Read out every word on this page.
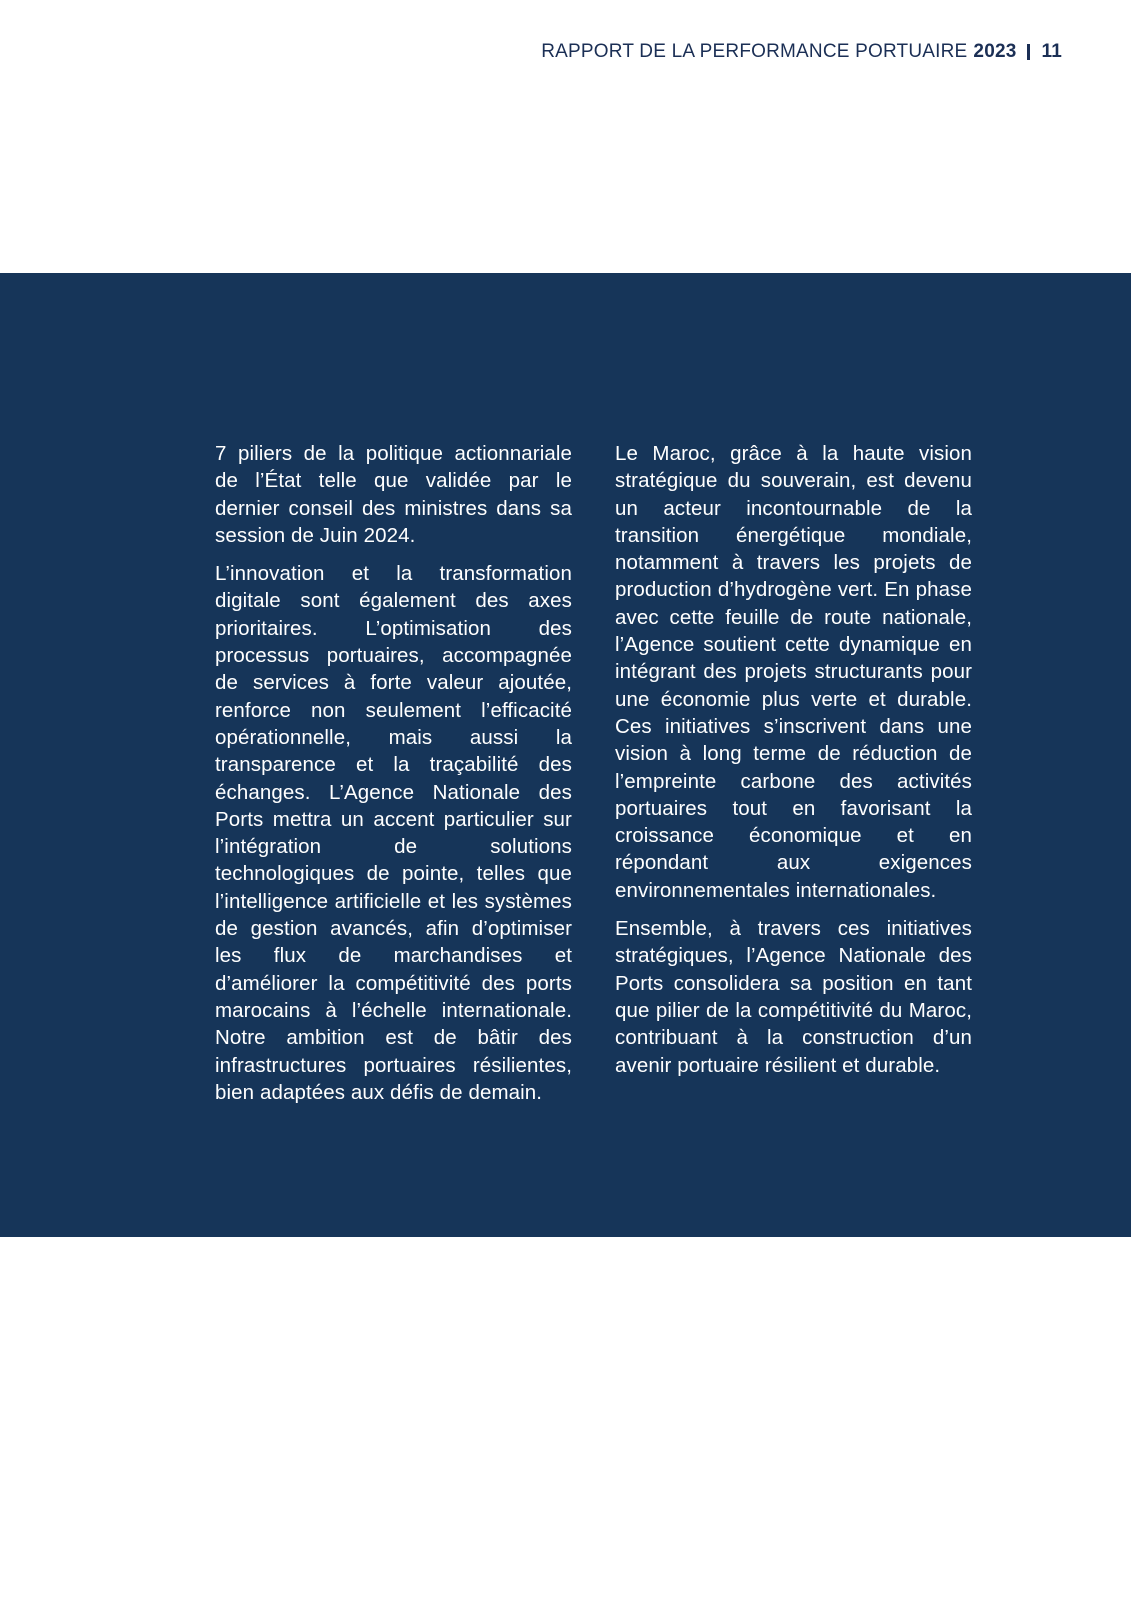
RAPPORT DE LA PERFORMANCE PORTUAIRE 2023 11

7 piliers de la politique actionnariale de l’État telle que validée par le dernier conseil des ministres dans sa session de Juin 2024.

L’innovation et la transformation digitale sont également des axes prioritaires. L’optimisation des processus portuaires, accompagnée de services à forte valeur ajoutée, renforce non seulement l’efficacité opérationnelle, mais aussi la transparence et la traçabilité des échanges. L’Agence Nationale des Ports mettra un accent particulier sur l’intégration de solutions technologiques de pointe, telles que l’intelligence artificielle et les systèmes de gestion avancés, afin d’optimiser les flux de marchandises et d’améliorer la compétitivité des ports marocains à l’échelle internationale. Notre ambition est de bâtir des infrastructures portuaires résilientes, bien adaptées aux défis de demain.

Le Maroc, grâce à la haute vision stratégique du souverain, est devenu un acteur incontournable de la transition énergétique mondiale, notamment à travers les projets de production d’hydrogène vert. En phase avec cette feuille de route nationale, l’Agence soutient cette dynamique en intégrant des projets structurants pour une économie plus verte et durable. Ces initiatives s’inscrivent dans une vision à long terme de réduction de l’empreinte carbone des activités portuaires tout en favorisant la croissance économique et en répondant aux exigences environnementales internationales.

Ensemble, à travers ces initiatives stratégiques, l’Agence Nationale des Ports consolidera sa position en tant que pilier de la compétitivité du Maroc, contribuant à la construction d’un avenir portuaire résilient et durable.
